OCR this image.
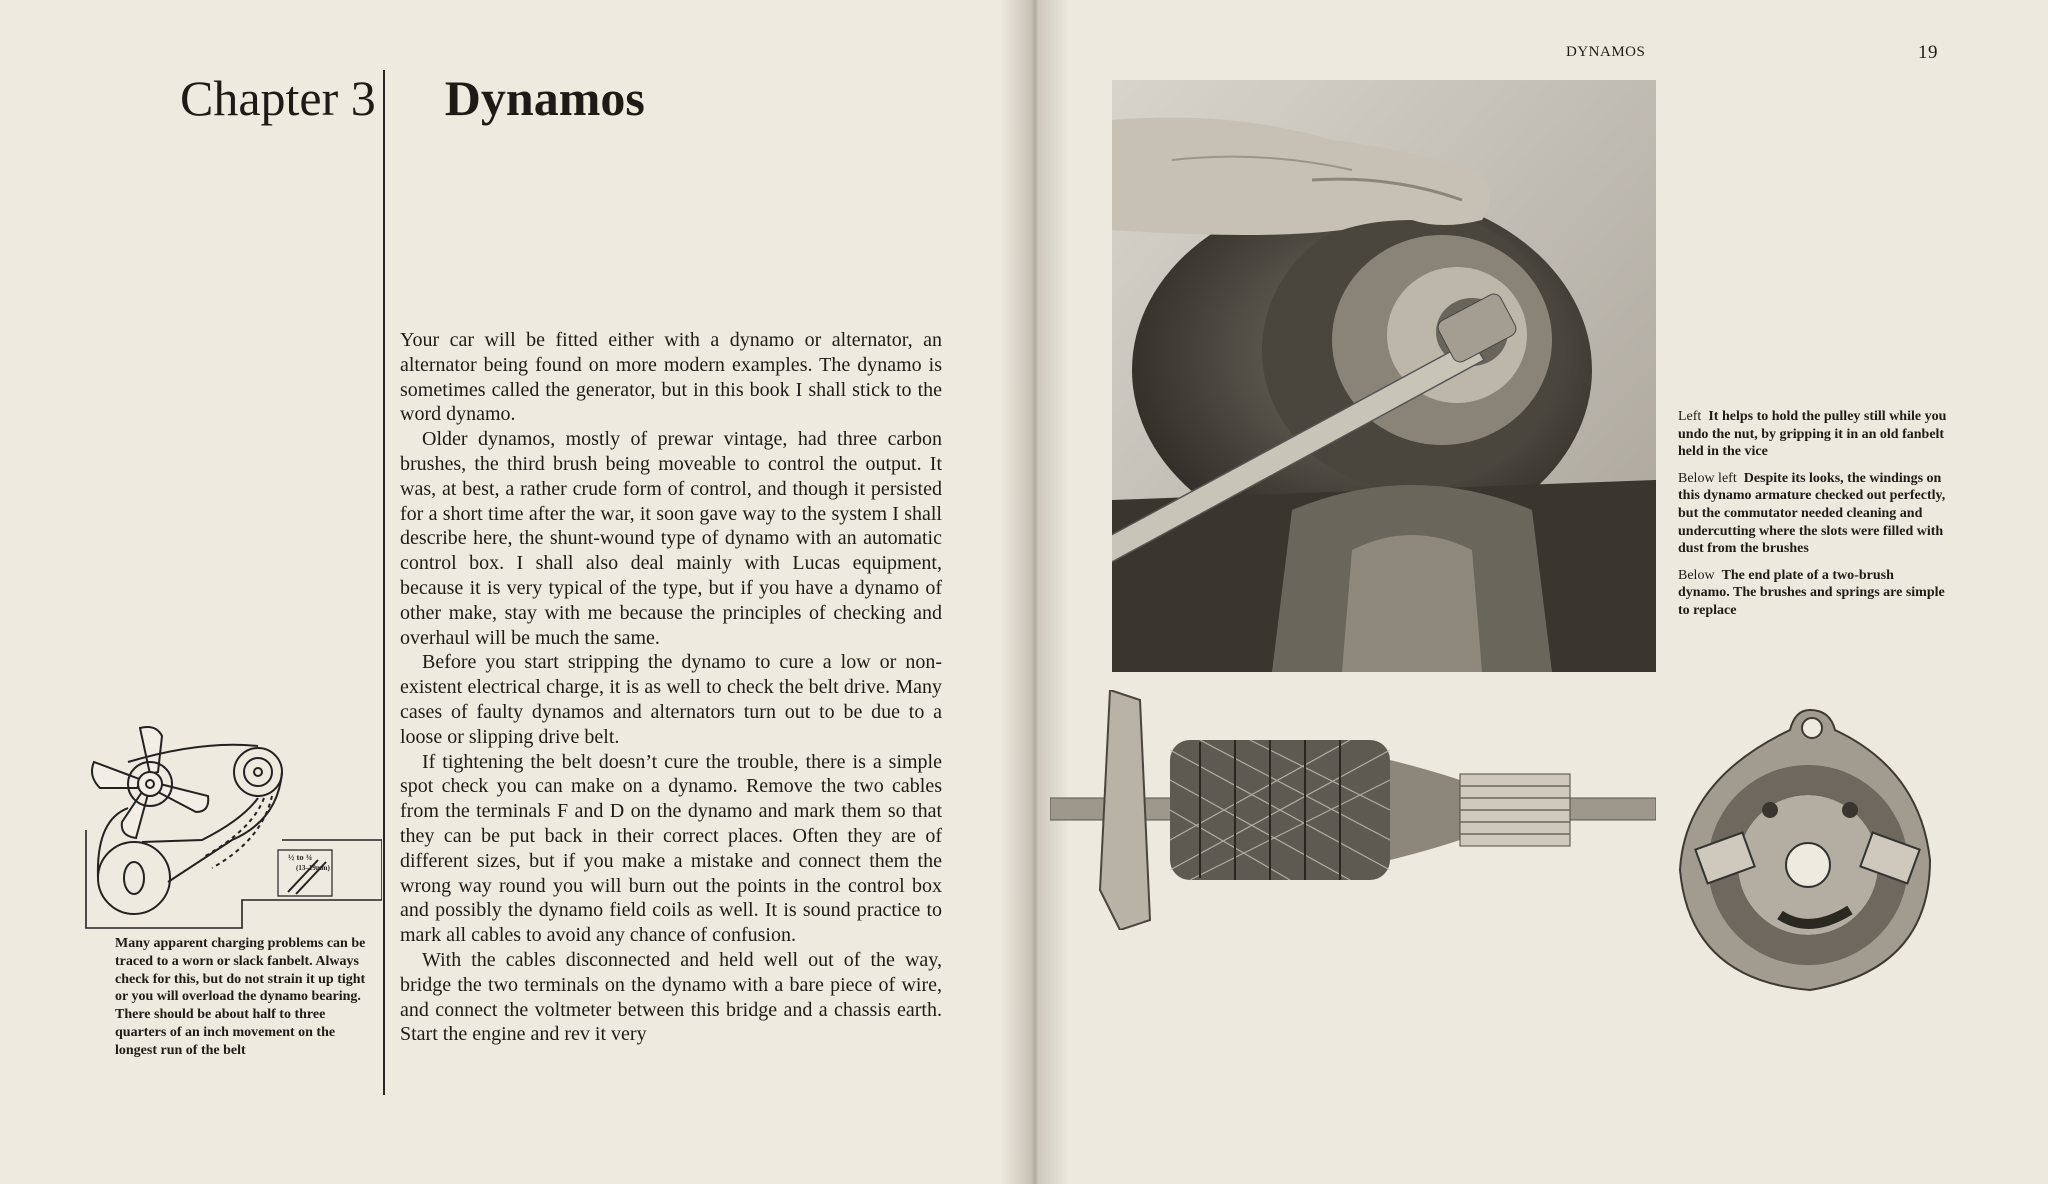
Chapter 3 Dynamos
½ to ¾
(13–19mm)
Many apparent charging problems can be traced to a worn or slack fanbelt. Always check for this, but do not strain it up tight or you will overload the dynamo bearing. There should be about half to three quarters of an inch movement on the longest run of the belt

Your car will be fitted either with a dynamo or alternator, an alternator being found on more modern examples. The dynamo is sometimes called the generator, but in this book I shall stick to the word dynamo.

Older dynamos, mostly of prewar vintage, had three carbon brushes, the third brush being moveable to control the output. It was, at best, a rather crude form of control, and though it persisted for a short time after the war, it soon gave way to the system I shall describe here, the shunt-wound type of dynamo with an automatic control box. I shall also deal mainly with Lucas equipment, because it is very typical of the type, but if you have a dynamo of other make, stay with me because the principles of checking and overhaul will be much the same.

Before you start stripping the dynamo to cure a low or non-existent electrical charge, it is as well to check the belt drive. Many cases of faulty dynamos and alternators turn out to be due to a loose or slipping drive belt.

If tightening the belt doesn’t cure the trouble, there is a simple spot check you can make on a dynamo. Remove the two cables from the terminals F and D on the dynamo and mark them so that they can be put back in their correct places. Often they are of different sizes, but if you make a mistake and connect them the wrong way round you will burn out the points in the control box and possibly the dynamo field coils as well. It is sound practice to mark all cables to avoid any chance of confusion.

With the cables disconnected and held well out of the way, bridge the two terminals on the dynamo with a bare piece of wire, and connect the voltmeter between this bridge and a chassis earth. Start the engine and rev it very

DYNAMOS	19

Left It helps to hold the pulley still while you undo the nut, by gripping it in an old fanbelt held in the vice

Below left Despite its looks, the windings on this dynamo armature checked out perfectly, but the commutator needed cleaning and undercutting where the slots were filled with dust from the brushes

Below The end plate of a two-brush dynamo. The brushes and springs are simple to replace
